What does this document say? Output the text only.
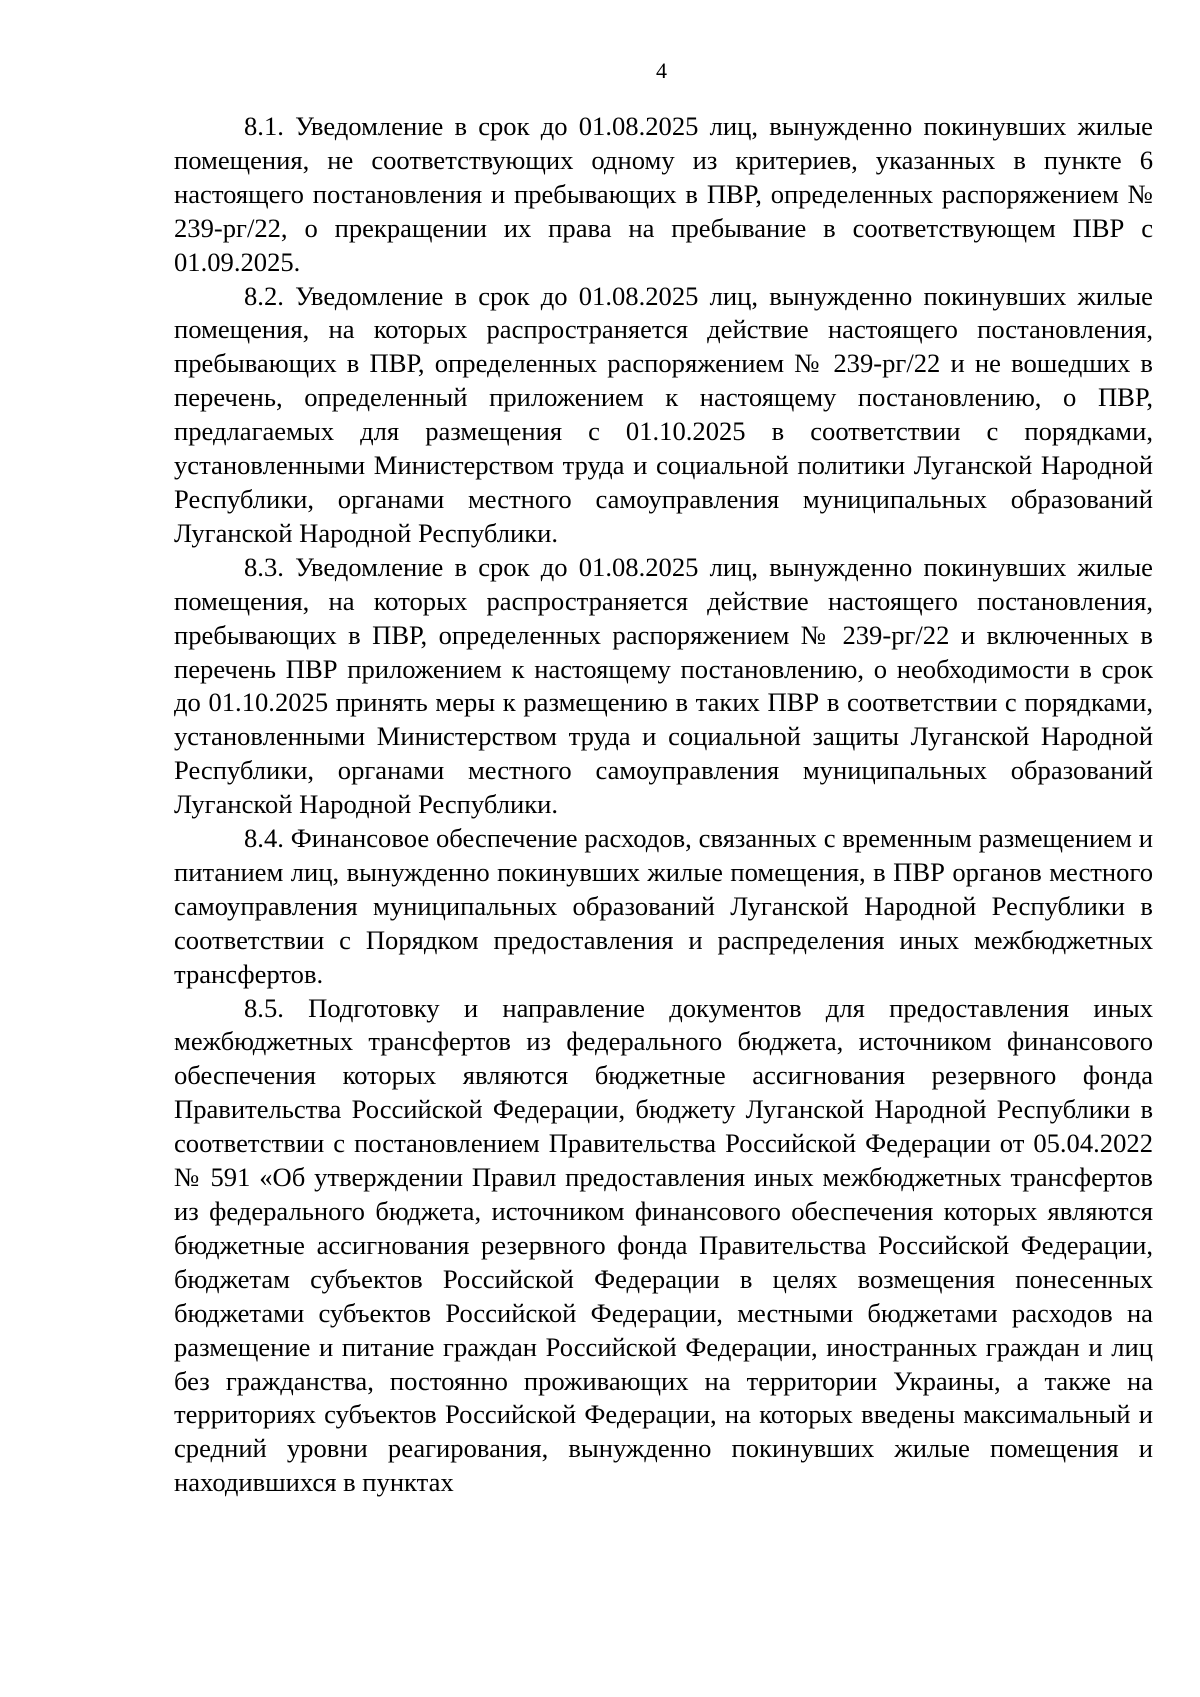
4

8.1. Уведомление в срок до 01.08.2025 лиц, вынужденно покинувших жилые помещения, не соответствующих одному из критериев, указанных в пункте 6 настоящего постановления и пребывающих в ПВР, определенных распоряжением № 239-рг/22, о прекращении их права на пребывание в соответствующем ПВР с 01.09.2025.

8.2. Уведомление в срок до 01.08.2025 лиц, вынужденно покинувших жилые помещения, на которых распространяется действие настоящего постановления, пребывающих в ПВР, определенных распоряжением № 239-рг/22 и не вошедших в перечень, определенный приложением к настоящему постановлению, о ПВР, предлагаемых для размещения с 01.10.2025 в соответствии с порядками, установленными Министерством труда и социальной политики Луганской Народной Республики, органами местного самоуправления муниципальных образований Луганской Народной Республики.

8.3. Уведомление в срок до 01.08.2025 лиц, вынужденно покинувших жилые помещения, на которых распространяется действие настоящего постановления, пребывающих в ПВР, определенных распоряжением № 239-рг/22 и включенных в перечень ПВР приложением к настоящему постановлению, о необходимости в срок до 01.10.2025 принять меры к размещению в таких ПВР в соответствии с порядками, установленными Министерством труда и социальной защиты Луганской Народной Республики, органами местного самоуправления муниципальных образований Луганской Народной Республики.

8.4. Финансовое обеспечение расходов, связанных с временным размещением и питанием лиц, вынужденно покинувших жилые помещения, в ПВР органов местного самоуправления муниципальных образований Луганской Народной Республики в соответствии с Порядком предоставления и распределения иных межбюджетных трансфертов.

8.5. Подготовку и направление документов для предоставления иных межбюджетных трансфертов из федерального бюджета, источником финансового обеспечения которых являются бюджетные ассигнования резервного фонда Правительства Российской Федерации, бюджету Луганской Народной Республики в соответствии с постановлением Правительства Российской Федерации от 05.04.2022 № 591 «Об утверждении Правил предоставления иных межбюджетных трансфертов из федерального бюджета, источником финансового обеспечения которых являются бюджетные ассигнования резервного фонда Правительства Российской Федерации, бюджетам субъектов Российской Федерации в целях возмещения понесенных бюджетами субъектов Российской Федерации, местными бюджетами расходов на размещение и питание граждан Российской Федерации, иностранных граждан и лиц без гражданства, постоянно проживающих на территории Украины, а также на территориях субъектов Российской Федерации, на которых введены максимальный и средний уровни реагирования, вынужденно покинувших жилые помещения и находившихся в пунктах
